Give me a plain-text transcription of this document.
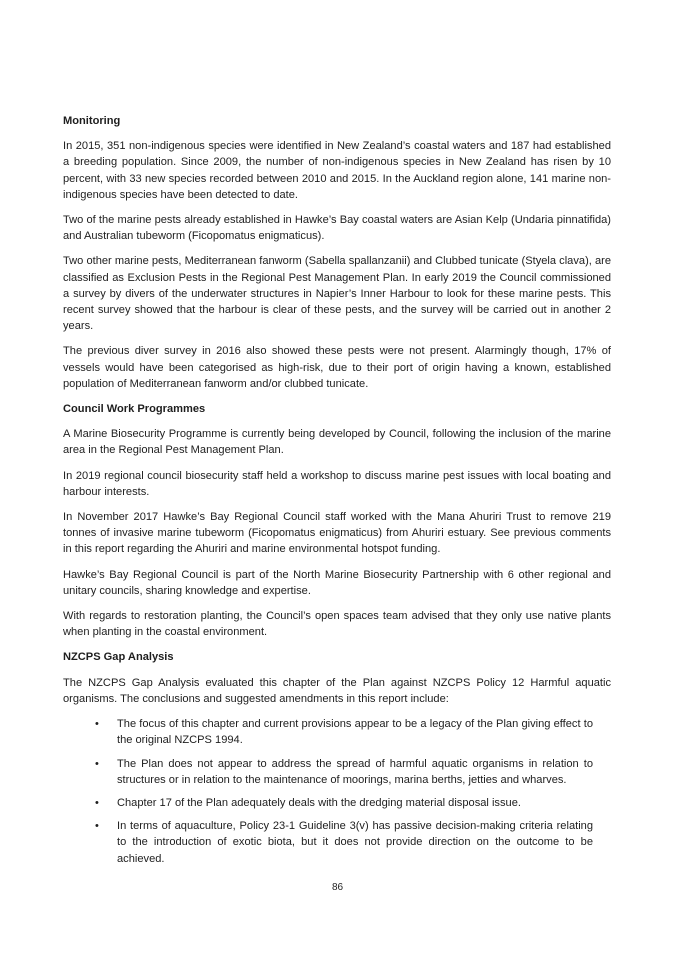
Monitoring

In 2015, 351 non-indigenous species were identified in New Zealand’s coastal waters and 187 had established a breeding population. Since 2009, the number of non-indigenous species in New Zealand has risen by 10 percent, with 33 new species recorded between 2010 and 2015. In the Auckland region alone, 141 marine non-indigenous species have been detected to date.

Two of the marine pests already established in Hawke’s Bay coastal waters are Asian Kelp (Undaria pinnatifida) and Australian tubeworm (Ficopomatus enigmaticus).

Two other marine pests, Mediterranean fanworm (Sabella spallanzanii) and Clubbed tunicate (Styela clava), are classified as Exclusion Pests in the Regional Pest Management Plan. In early 2019 the Council commissioned a survey by divers of the underwater structures in Napier’s Inner Harbour to look for these marine pests. This recent survey showed that the harbour is clear of these pests, and the survey will be carried out in another 2 years.

The previous diver survey in 2016 also showed these pests were not present. Alarmingly though, 17% of vessels would have been categorised as high-risk, due to their port of origin having a known, established population of Mediterranean fanworm and/or clubbed tunicate.

Council Work Programmes

A Marine Biosecurity Programme is currently being developed by Council, following the inclusion of the marine area in the Regional Pest Management Plan.

In 2019 regional council biosecurity staff held a workshop to discuss marine pest issues with local boating and harbour interests.

In November 2017 Hawke’s Bay Regional Council staff worked with the Mana Ahuriri Trust to remove 219 tonnes of invasive marine tubeworm (Ficopomatus enigmaticus) from Ahuriri estuary. See previous comments in this report regarding the Ahuriri and marine environmental hotspot funding.

Hawke’s Bay Regional Council is part of the North Marine Biosecurity Partnership with 6 other regional and unitary councils, sharing knowledge and expertise.

With regards to restoration planting, the Council’s open spaces team advised that they only use native plants when planting in the coastal environment.

NZCPS Gap Analysis

The NZCPS Gap Analysis evaluated this chapter of the Plan against NZCPS Policy 12 Harmful aquatic organisms. The conclusions and suggested amendments in this report include:

• The focus of this chapter and current provisions appear to be a legacy of the Plan giving effect to the original NZCPS 1994.
• The Plan does not appear to address the spread of harmful aquatic organisms in relation to structures or in relation to the maintenance of moorings, marina berths, jetties and wharves.
• Chapter 17 of the Plan adequately deals with the dredging material disposal issue.
• In terms of aquaculture, Policy 23-1 Guideline 3(v) has passive decision-making criteria relating to the introduction of exotic biota, but it does not provide direction on the outcome to be achieved.
86
